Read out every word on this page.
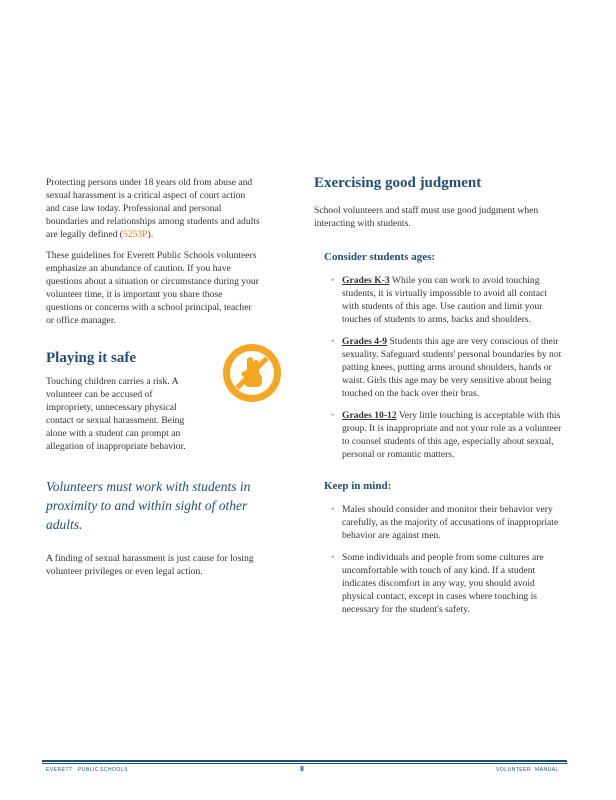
Protecting persons under 18 years old from abuse and sexual harassment is a critical aspect of court action and case law today. Professional and personal boundaries and relationships among students and adults are legally defined (5253P).

These guidelines for Everett Public Schools volunteers emphasize an abundance of caution. If you have questions about a situation or circumstance during your volunteer time, it is important you share those questions or concerns with a school principal, teacher or office manager.

Playing it safe

Touching children carries a risk. A volunteer can be accused of impropriety, unnecessary physical contact or sexual harassment. Being alone with a student can prompt an allegation of inappropriate behavior.

Volunteers must work with students in proximity to and within sight of other adults.

A finding of sexual harassment is just cause for losing volunteer privileges or even legal action.

Exercising good judgment

School volunteers and staff must use good judgment when interacting with students.

Consider students ages:
• Grades K-3 While you can work to avoid touching students, it is virtually impossible to avoid all contact with students of this age. Use caution and limit your touches of students to arms, backs and shoulders.
• Grades 4-9 Students this age are very conscious of their sexuality. Safeguard students' personal boundaries by not patting knees, putting arms around shoulders, hands or waist. Girls this age may be very sensitive about being touched on the back over their bras.
• Grades 10-12 Very little touching is acceptable with this group. It is inappropriate and not your role as a volunteer to counsel students of this age, especially about sexual, personal or romantic matters.
Keep in mind:
• Males should consider and monitor their behavior very carefully, as the majority of accusations of inappropriate behavior are against men.
• Some individuals and people from some cultures are uncomfortable with touch of any kind. If a student indicates discomfort in any way, you should avoid physical contact, except in cases where touching is necessary for the student's safety.
EVERETT PUBLIC SCHOOLS	8	VOLUNTEER MANUAL
